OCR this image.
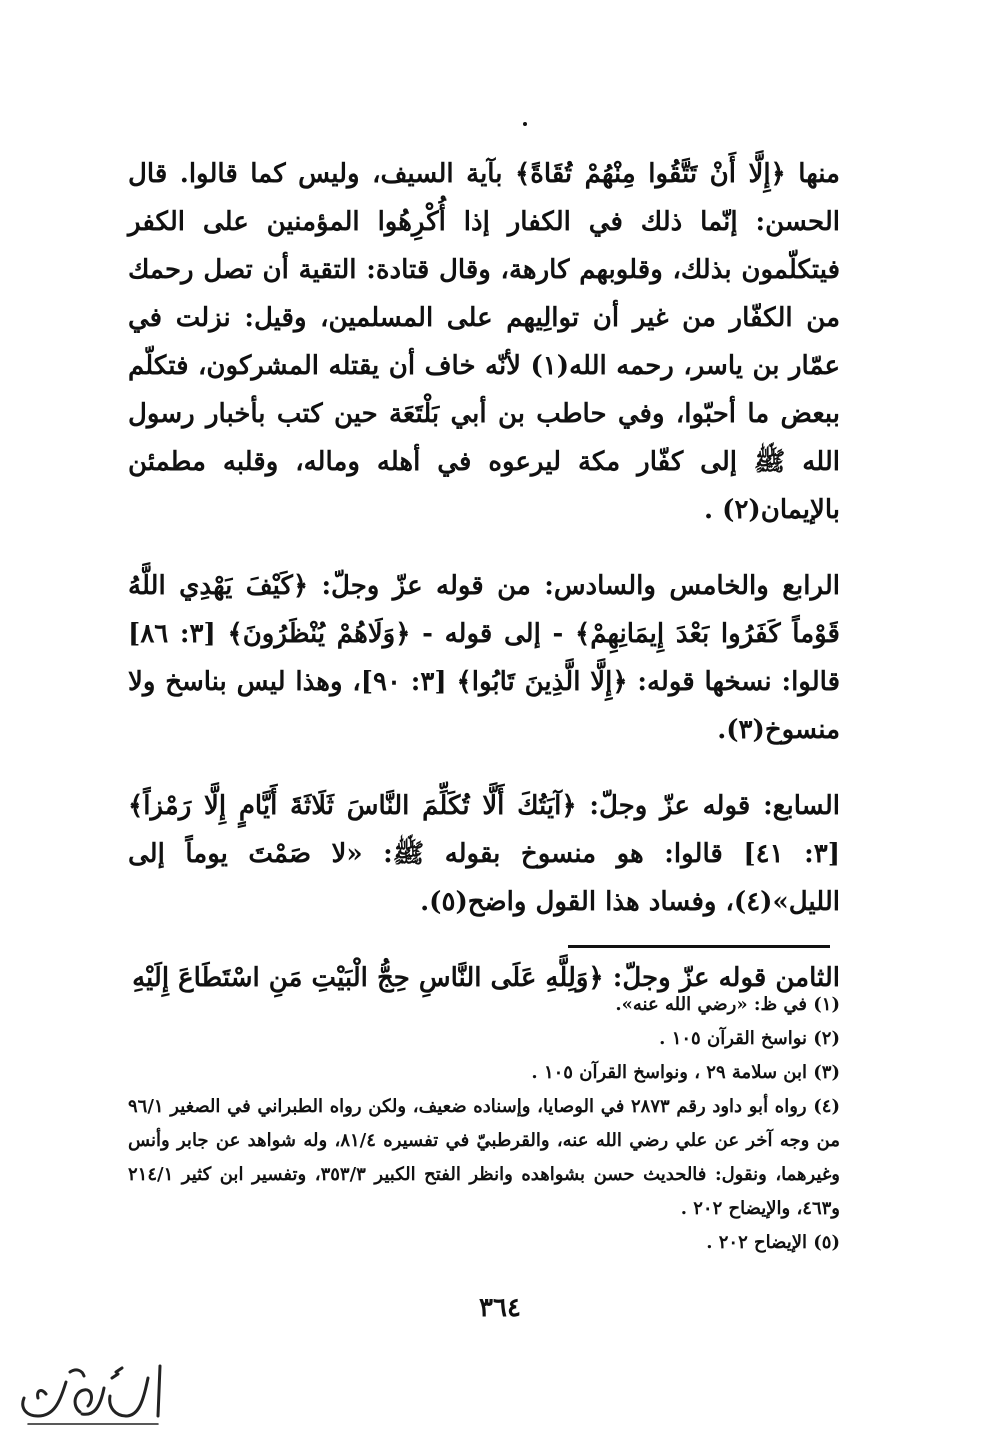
منها ﴿إِلَّا أَنْ تَتَّقُوا مِنْهُمْ تُقَاةً﴾ بآية السيف، وليس كما قالوا. قال الحسن: إنّما ذلك في الكفار إذا أُكْرِهُوا المؤمنين على الكفر فيتكلّمون بذلك، وقلوبهم كارهة، وقال قتادة: التقية أن تصل رحمك من الكفّار من غير أن توالِيهم على المسلمين، وقيل: نزلت في عمّار بن ياسر، رحمه الله(١) لأنّه خاف أن يقتله المشركون، فتكلّم ببعض ما أحبّوا، وفي حاطب بن أبي بَلْتَعَة حين كتب بأخبار رسول الله ﷺ إلى كفّار مكة ليرعوه في أهله وماله، وقلبه مطمئن بالإيمان(٢) .

الرابع والخامس والسادس: من قوله عزّ وجلّ: ﴿كَيْفَ يَهْدِي اللَّهُ قَوْماً كَفَرُوا بَعْدَ إِيمَانِهِمْ﴾ - إلى قوله - ﴿وَلَاهُمْ يُنْظَرُونَ﴾ [٣: ٨٦] قالوا: نسخها قوله: ﴿إِلَّا الَّذِينَ تَابُوا﴾ [٣: ٩٠]، وهذا ليس بناسخ ولا منسوخ(٣).

السابع: قوله عزّ وجلّ: ﴿آيَتُكَ أَلَّا تُكَلِّمَ النَّاسَ ثَلَاثَةَ أَيَّامٍ إِلَّا رَمْزاً﴾ [٣: ٤١] قالوا: هو منسوخ بقوله ﷺ: «لا صَمْتَ يوماً إلى الليل»(٤)، وفساد هذا القول واضح(٥).

الثامن قوله عزّ وجلّ: ﴿وَلِلَّهِ عَلَى النَّاسِ حِجُّ الْبَيْتِ مَنِ اسْتَطَاعَ إِلَيْهِ

(١) في ظ: «رضي الله عنه».

(٢) نواسخ القرآن ١٠٥ .

(٣) ابن سلامة ٢٩ ، ونواسخ القرآن ١٠٥ .

(٤) رواه أبو داود رقم ٢٨٧٣ في الوصايا، وإسناده ضعيف، ولكن رواه الطبراني في الصغير ٩٦/١ من وجه آخر عن علي رضي الله عنه، والقرطبيّ في تفسيره ٨١/٤، وله شواهد عن جابر وأنس وغيرهما، ونقول: فالحديث حسن بشواهده وانظر الفتح الكبير ٣٥٣/٣، وتفسير ابن كثير ٢١٤/١ و٤٦٣، والإيضاح ٢٠٢ .

(٥) الإيضاح ٢٠٢ .

٣٦٤
